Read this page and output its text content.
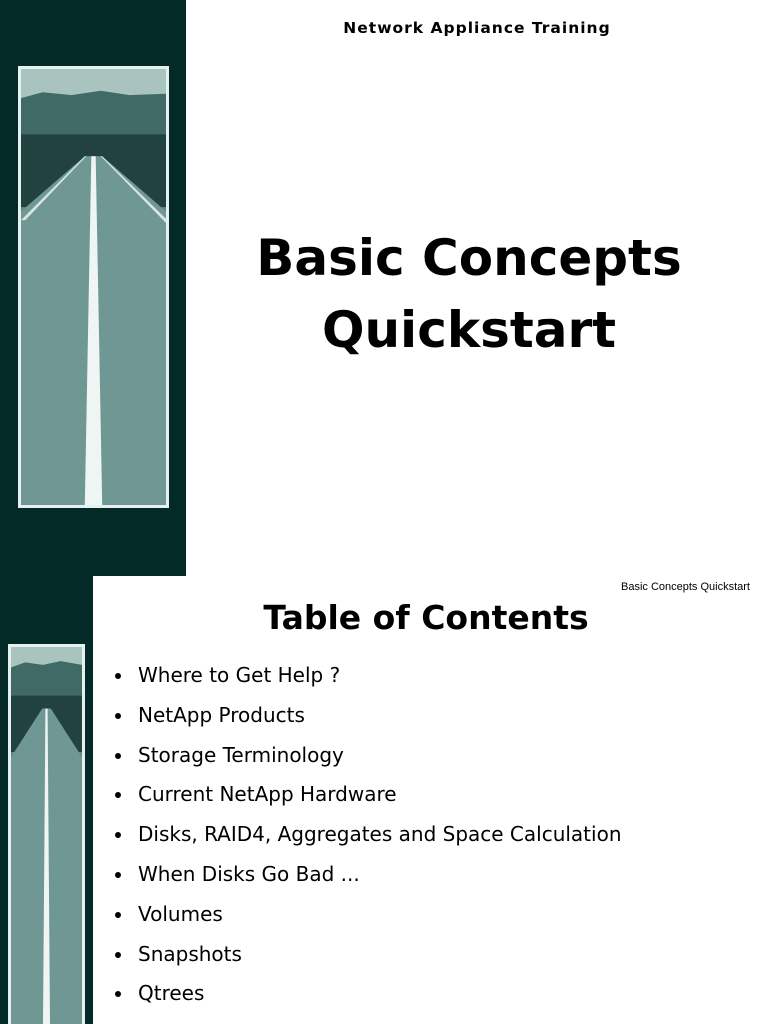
Network Appliance Training
Basic Concepts
Quickstart
Basic Concepts Quickstart
Table of Contents
Where to Get Help ?
NetApp Products
Storage Terminology
Current NetApp Hardware
Disks, RAID4, Aggregates and Space Calculation
When Disks Go Bad ...
Volumes
Snapshots
Qtrees
